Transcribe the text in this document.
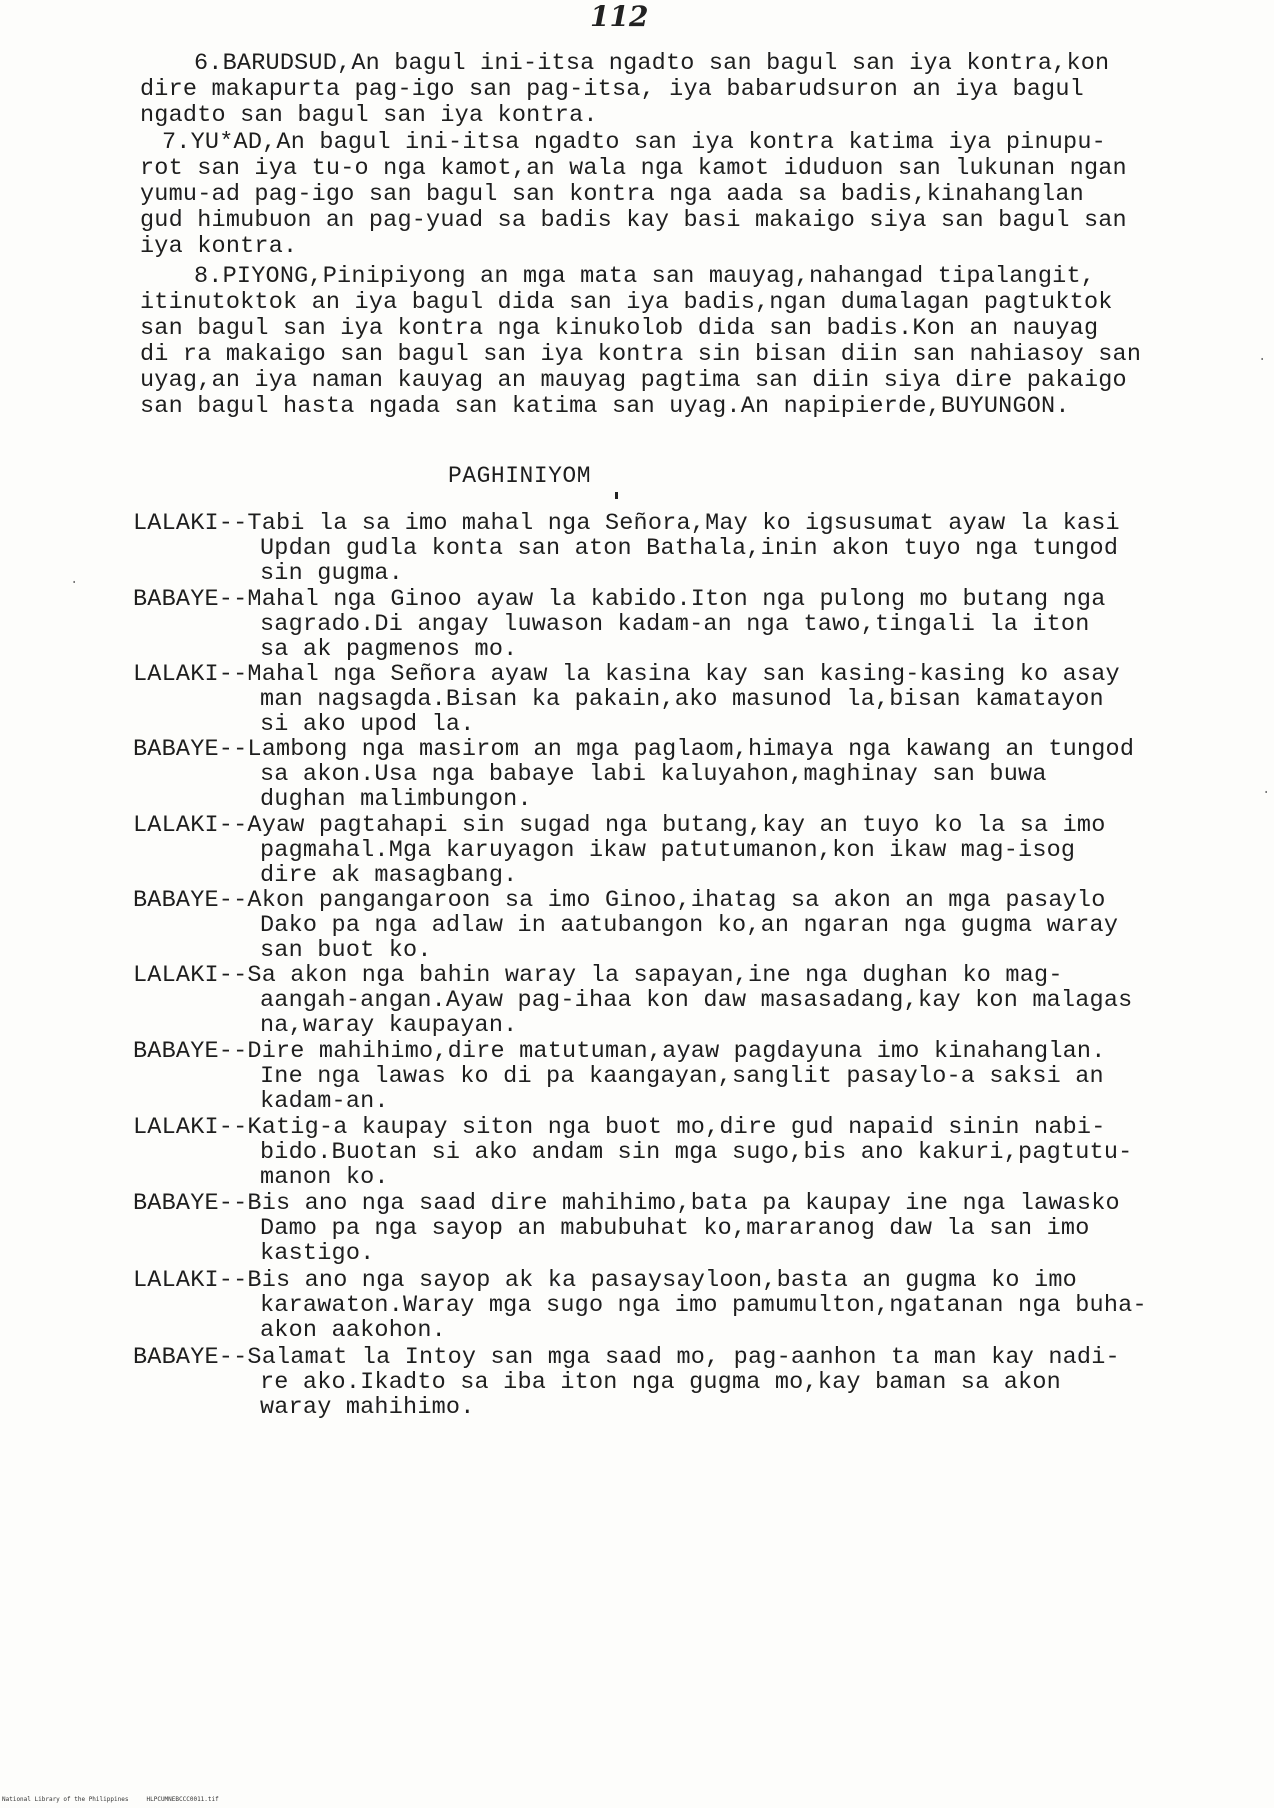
112
6.BARUDSUD,An bagul ini-itsa ngadto san bagul san iya kontra,kon
dire makapurta pag-igo san pag-itsa, iya babarudsuron an iya bagul
ngadto san bagul san iya kontra.
7.YU*AD,An bagul ini-itsa ngadto san iya kontra katima iya pinupu-
rot san iya tu-o nga kamot,an wala nga kamot iduduon san lukunan ngan
yumu-ad pag-igo san bagul san kontra nga aada sa badis,kinahanglan
gud himubuon an pag-yuad sa badis kay basi makaigo siya san bagul san
iya kontra.
8.PIYONG,Pinipiyong an mga mata san mauyag,nahangad tipalangit,
itinutoktok an iya bagul dida san iya badis,ngan dumalagan pagtuktok
san bagul san iya kontra nga kinukolob dida san badis.Kon an nauyag
di ra makaigo san bagul san iya kontra sin bisan diin san nahiasoy san
uyag,an iya naman kauyag an mauyag pagtima san diin siya dire pakaigo
san bagul hasta ngada san katima san uyag.An napipierde,BUYUNGON.
PAGHINIYOM
LALAKI -- Tabi la sa imo mahal nga Señora,May ko igsusumat ayaw la kasi
Updan gudla konta san aton Bathala,inin akon tuyo nga tungod
sin gugma.
BABAYE -- Mahal nga Ginoo ayaw la kabido.Iton nga pulong mo butang nga
sagrado.Di angay luwason kadam-an nga tawo,tingali la iton
sa ak pagmenos mo.
LALAKI -- Mahal nga Señora ayaw la kasina kay san kasing-kasing ko asay
man nagsagda.Bisan ka pakain,ako masunod la,bisan kamatayon
si ako upod la.
BABAYE -- Lambong nga masirom an mga paglaom,himaya nga kawang an tungod
sa akon.Usa nga babaye labi kaluyahon,maghinay san buwa
dughan malimbungon.
LALAKI -- Ayaw pagtahapi sin sugad nga butang,kay an tuyo ko la sa imo
pagmahal.Mga karuyagon ikaw patutumanon,kon ikaw mag-isog
dire ak masagbang.
BABAYE -- Akon pangangaroon sa imo Ginoo,ihatag sa akon an mga pasaylo
Dako pa nga adlaw in aatubangon ko,an ngaran nga gugma waray
san buot ko.
LALAKI -- Sa akon nga bahin waray la sapayan,ine nga dughan ko mag-
aangah-angan.Ayaw pag-ihaa kon daw masasadang,kay kon malagas
na,waray kaupayan.
BABAYE -- Dire mahihimo,dire matutuman,ayaw pagdayuna imo kinahanglan.
Ine nga lawas ko di pa kaangayan,sanglit pasaylo-a saksi an
kadam-an.
LALAKI -- Katig-a kaupay siton nga buot mo,dire gud napaid sinin nabi-
bido.Buotan si ako andam sin mga sugo,bis ano kakuri,pagtutu-
manon ko.
BABAYE -- Bis ano nga saad dire mahihimo,bata pa kaupay ine nga lawasko
Damo pa nga sayop an mabubuhat ko,mararanog daw la san imo
kastigo.
LALAKI -- Bis ano nga sayop ak ka pasaysayloon,basta an gugma ko imo
karawaton.Waray mga sugo nga imo pamumulton,ngatanan nga buha-
akon aakohon.
BABAYE -- Salamat la Intoy san mga saad mo, pag-aanhon ta man kay nadi-
re ako.Ikadto sa iba iton nga gugma mo,kay baman sa akon
waray mahihimo.
·
·
·
National Library of the Philippines     HLPCUMNEBCCC0011.tif
